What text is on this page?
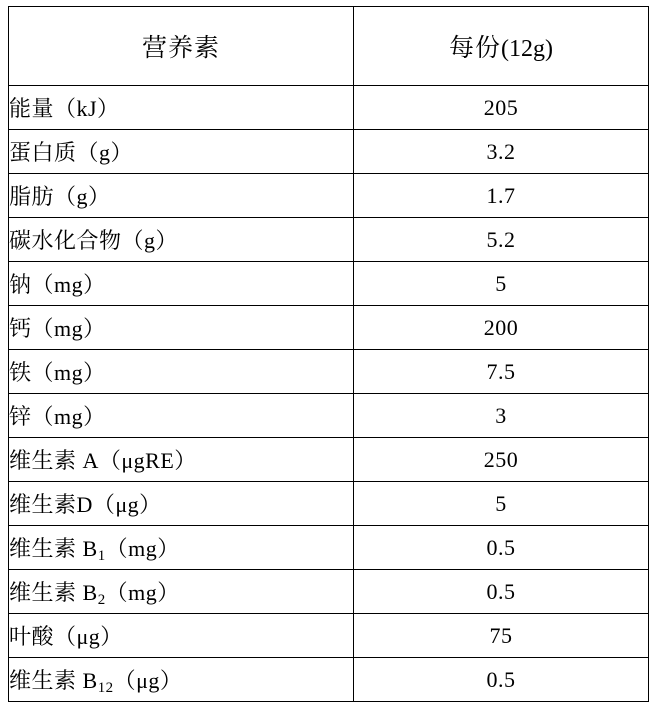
营养素	每份(12g)
能量（kJ）	205
蛋白质（g）	3.2
脂肪（g）	1.7
碳水化合物（g）	5.2
钠（mg）	5
钙（mg）	200
铁（mg）	7.5
锌（mg）	3
维生素 A（μgRE）	250
维生素D（μg）	5
维生素 $B_1(mg)$	0.5
维生素 $B_2(mg)$	0.5
叶酸（μg）	75
维生素 $B_{12}(\mu g)$	0.5
